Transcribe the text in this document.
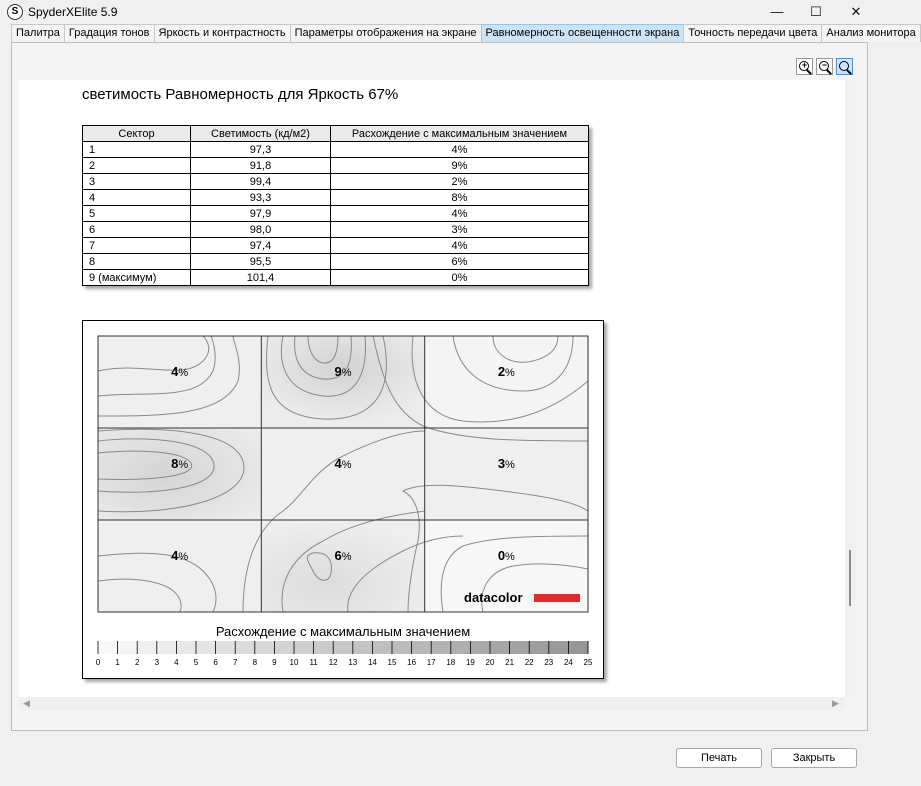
S SpyderXElite 5.9	—	☐	✕
Палитра Градация тонов Яркость и контрастность Параметры отображения на экране Равномерность освещенности экрана Точность передачи цвета Анализ монитора
+ −
светимость Равномерность для Яркость 67%
Сектор	Светимость (кд/м2)	Расхождение с максимальным значением
1	97,3	4%
2	91,8	9%
3	99,4	2%
4	93,3	8%
5	97,9	4%
6	98,0	3%
7	97,4	4%
8	95,5	6%
9 (максимум)	101,4	0%
4%	9%	2%
8%	4%	3%
4%	6%	0%
datacolor
0 1 2 3 4 5 6 7 8 9 10 11 12 13 14 15 16 17 18 19 20 21 22 23 24 25
Расхождение с максимальным значением
◀	▶
Печать	Закрыть
